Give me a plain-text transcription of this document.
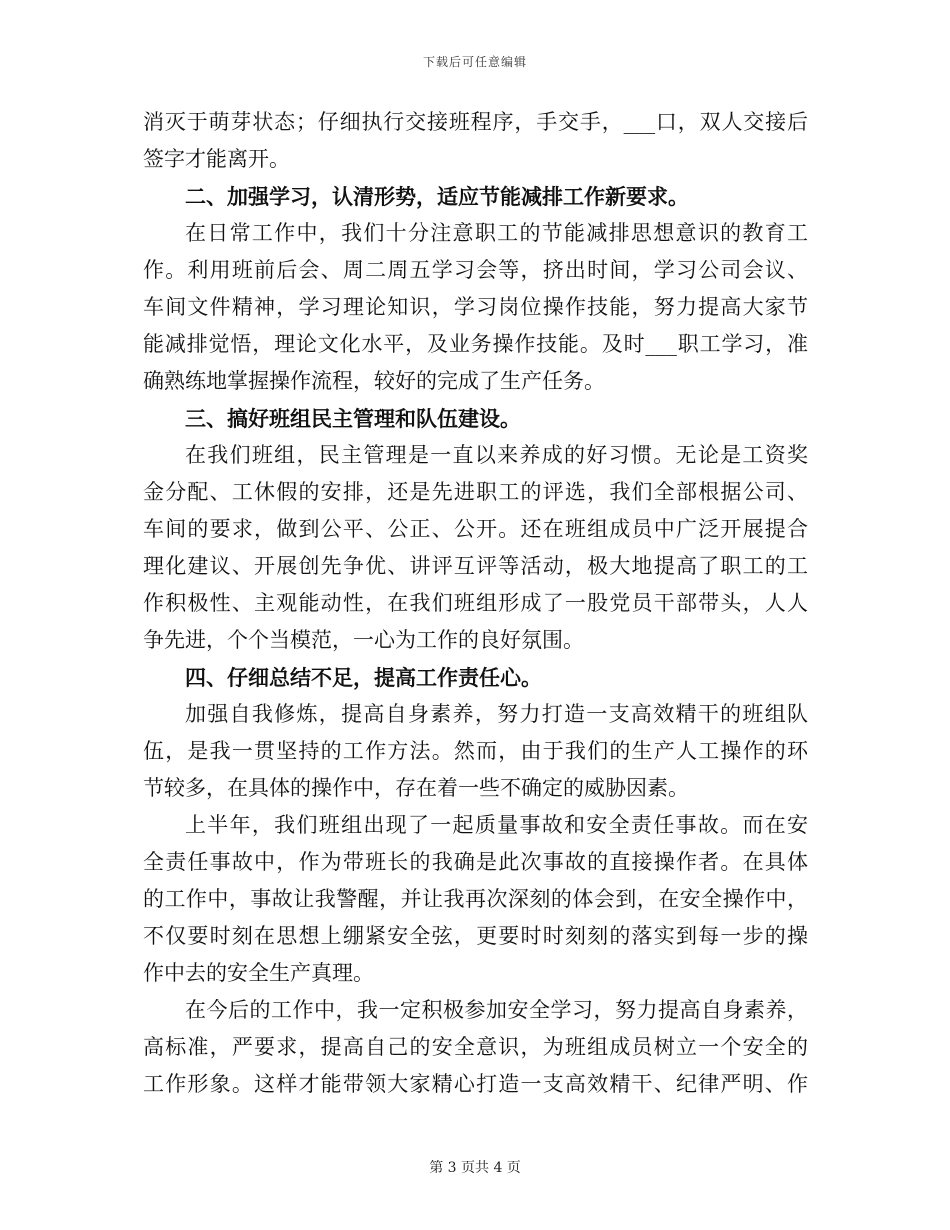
下载后可任意编辑
消灭于萌芽状态；仔细执行交接班程序，手交手，___口，双人交接后
签字才能离开。
二、加强学习，认清形势，适应节能减排工作新要求。
在日常工作中，我们十分注意职工的节能减排思想意识的教育工
作。利用班前后会、周二周五学习会等，挤出时间，学习公司会议、
车间文件精神，学习理论知识，学习岗位操作技能，努力提高大家节
能减排觉悟，理论文化水平，及业务操作技能。及时___职工学习，准
确熟练地掌握操作流程，较好的完成了生产任务。
三、搞好班组民主管理和队伍建设。
在我们班组，民主管理是一直以来养成的好习惯。无论是工资奖
金分配、工休假的安排，还是先进职工的评选，我们全部根据公司、
车间的要求，做到公平、公正、公开。还在班组成员中广泛开展提合
理化建议、开展创先争优、讲评互评等活动，极大地提高了职工的工
作积极性、主观能动性，在我们班组形成了一股党员干部带头，人人
争先进，个个当模范，一心为工作的良好氛围。
四、仔细总结不足，提高工作责任心。
加强自我修炼，提高自身素养，努力打造一支高效精干的班组队
伍，是我一贯坚持的工作方法。然而，由于我们的生产人工操作的环
节较多，在具体的操作中，存在着一些不确定的威胁因素。
上半年，我们班组出现了一起质量事故和安全责任事故。而在安
全责任事故中，作为带班长的我确是此次事故的直接操作者。在具体
的工作中，事故让我警醒，并让我再次深刻的体会到，在安全操作中，
不仅要时刻在思想上绷紧安全弦，更要时时刻刻的落实到每一步的操
作中去的安全生产真理。
在今后的工作中，我一定积极参加安全学习，努力提高自身素养，
高标准，严要求，提高自己的安全意识，为班组成员树立一个安全的
工作形象。这样才能带领大家精心打造一支高效精干、纪律严明、作
第 3 页共 4 页
